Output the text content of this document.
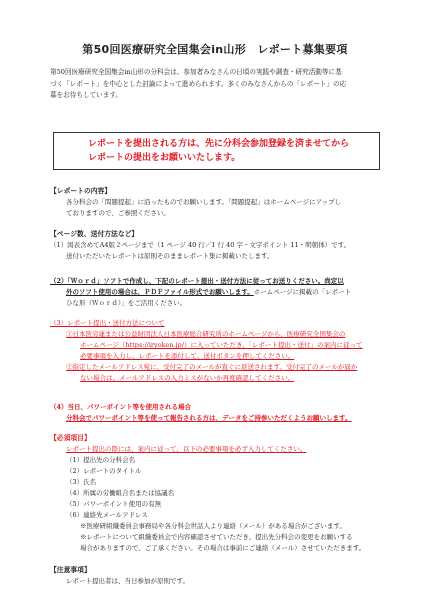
第50回医療研究全国集会in山形　レポート募集要項
第50回医療研究全国集会in山形の分科会は、参加者みなさんの日頃の実践や調査・研究活動等に基
づく「レポート」を中心とした討論によって進められます。多くのみなさんからの「レポート」の応
募をお待ちしています。
レポートを提出される方は、先に分科会参加登録を済ませてから
レポートの提出をお願いいたします。
【レポートの内容】
各分科会の「問題提起」に沿ったものでお願いします。「問題提起」はホームページにアップし
ておりますので、ご参照ください。
【ページ数、送付方法など】
（1）図表含めてA4版２ページまで（1 ページ 40 行／1 行 40 字・文字ポイント 11・明朝体）です。
送付いただいたレポートは原則そのままレポート集に掲載いたします。
（2）「Ｗｏｒｄ」ソフトで作成し、下記のレポート提出・送付方法に従ってお送りください。尚定以
外のソフト使用の場合は、ＰＤＦファイル形式でお願いします。ホームページに掲載の「レポート
ひな形（Ｗｏｒｄ）」をご活用ください。
（3）レポート提出・送付方法について
①日本医労連または公益財団法人日本医療総合研究所のホームページから、医療研究全国集会の
ホームページ（https://iryoken.jp/）に入っていただき、「レポート提出・送付」の案内に従って
必要事項を入力し、レポートを添付して、送付ボタンを押してください。
②指定したメールアドレス宛に、受付完了のメールが直ぐに返送されます。受付完了のメールが届か
ない場合は、メールアドレスの入力ミスがないか再度確認してください。
（4）当日、パワーポイント等を使用される場合
分科会でパワーポイント等を使って報告される方は、データをご持参いただくようお願いします。
【必須項目】
レポート提出の際には、案内に従って、以下の必要事項を必ず入力してください。
（1）提出先の分科会名
（2）レポートのタイトル
（3）氏名
（4）所属の労働組合名または協議名
（5）パワーポイント使用の有無
（6）連絡先メールアドレス
※医療研組織委員会事務局や各分科会世話人より連絡（メール）がある場合がございます。
※レポートについて組織委員会で内容確認させていただき、提出先分科会の変更をお願いする
場合がありますので、ご了承ください。その場合は事前にご連絡（メール）させていただきます。
【注意事項】
レポート提出者は、当日参加が原則です。
